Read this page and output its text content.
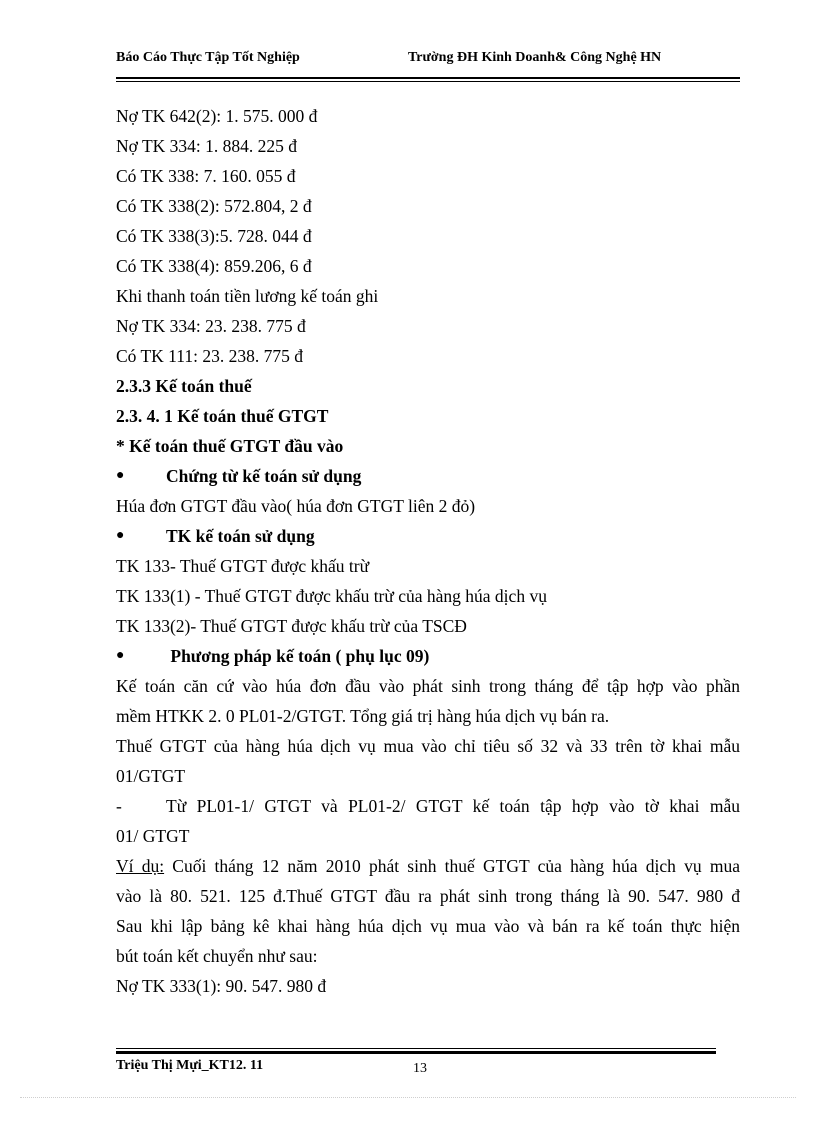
Báo Cáo Thực Tập Tốt Nghiệp	Trường ĐH Kinh Doanh& Công Nghệ HN
Nợ TK 642(2): 1. 575. 000 đ
Nợ TK 334: 1. 884. 225 đ
Có TK 338: 7. 160. 055 đ
Có TK 338(2): 572.804, 2 đ
Có TK 338(3):5. 728. 044 đ
Có TK 338(4): 859.206, 6 đ
Khi thanh toán tiền lương kế toán ghi
Nợ TK 334: 23. 238. 775 đ
Có TK 111: 23. 238. 775 đ
2.3.3 Kế toán thuế
2.3. 4. 1 Kế toán thuế GTGT
* Kế toán thuế GTGT đầu vào
●	Chứng từ kế toán sử dụng
Húa đơn GTGT đầu vào( húa đơn GTGT liên 2 đỏ)
●	TK kế toán sử dụng
TK 133- Thuế GTGT được khấu trừ
TK 133(1) - Thuế GTGT được khấu trừ của hàng húa dịch vụ
TK 133(2)- Thuế GTGT được khấu trừ của TSCĐ
●	Phương pháp kế toán ( phụ lục 09)
Kế toán căn cứ vào húa đơn đầu vào phát sinh trong tháng để tập hợp vào phần
mềm HTKK 2. 0 PL01-2/GTGT. Tổng giá trị hàng húa dịch vụ bán ra.
Thuế GTGT của hàng húa dịch vụ mua vào chỉ tiêu số 32 và 33 trên tờ khai mẫu
01/GTGT
-	Từ PL01-1/ GTGT và PL01-2/ GTGT kế toán tập hợp vào tờ khai mẫu
01/ GTGT
Ví dụ: Cuối tháng 12 năm 2010 phát sinh thuế GTGT của hàng húa dịch vụ mua
vào là 80. 521. 125 đ.Thuế GTGT đầu ra phát sinh trong tháng là 90. 547. 980 đ
Sau khi lập bảng kê khai hàng húa dịch vụ mua vào và bán ra kế toán thực hiện
bút toán kết chuyển như sau:
Nợ TK 333(1): 90. 547. 980 đ
Triệu Thị Mựi_KT12. 11	13
